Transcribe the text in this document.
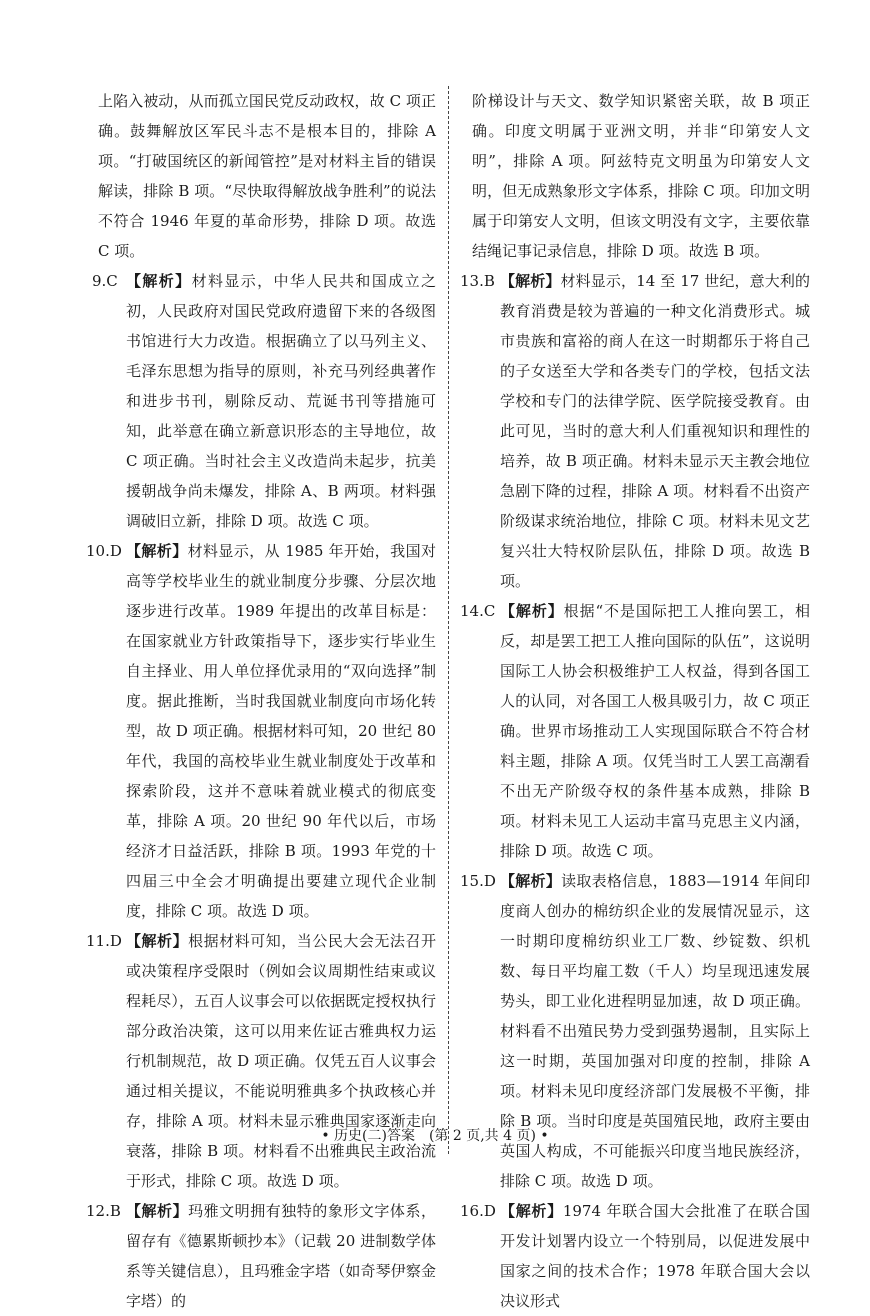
上陷入被动，从而孤立国民党反动政权，故 C 项正确。鼓舞解放区军民斗志不是根本目的，排除 A 项。“打破国统区的新闻管控”是对材料主旨的错误解读，排除 B 项。“尽快取得解放战争胜利”的说法不符合 1946 年夏的革命形势，排除 D 项。故选 C 项。

9.C 【解析】材料显示，中华人民共和国成立之初，人民政府对国民党政府遗留下来的各级图书馆进行大力改造。根据确立了以马列主义、毛泽东思想为指导的原则，补充马列经典著作和进步书刊，剔除反动、荒诞书刊等措施可知，此举意在确立新意识形态的主导地位，故 C 项正确。当时社会主义改造尚未起步，抗美援朝战争尚未爆发，排除 A、B 两项。材料强调破旧立新，排除 D 项。故选 C 项。
10.D 【解析】材料显示，从 1985 年开始，我国对高等学校毕业生的就业制度分步骤、分层次地逐步进行改革。1989 年提出的改革目标是：在国家就业方针政策指导下，逐步实行毕业生自主择业、用人单位择优录用的“双向选择”制度。据此推断，当时我国就业制度向市场化转型，故 D 项正确。根据材料可知，20 世纪 80 年代，我国的高校毕业生就业制度处于改革和探索阶段，这并不意味着就业模式的彻底变革，排除 A 项。20 世纪 90 年代以后，市场经济才日益活跃，排除 B 项。1993 年党的十四届三中全会才明确提出要建立现代企业制度，排除 C 项。故选 D 项。
11.D 【解析】根据材料可知，当公民大会无法召开或决策程序受限时（例如会议周期性结束或议程耗尽），五百人议事会可以依据既定授权执行部分政治决策，这可以用来佐证古雅典权力运行机制规范，故 D 项正确。仅凭五百人议事会通过相关提议，不能说明雅典多个执政核心并存，排除 A 项。材料未显示雅典国家逐渐走向衰落，排除 B 项。材料看不出雅典民主政治流于形式，排除 C 项。故选 D 项。
12.B 【解析】玛雅文明拥有独特的象形文字体系，留存有《德累斯顿抄本》（记载 20 进制数学体系等关键信息），且玛雅金字塔（如奇琴伊察金字塔）的

阶梯设计与天文、数学知识紧密关联，故 B 项正确。印度文明属于亚洲文明，并非“印第安人文明”，排除 A 项。阿兹特克文明虽为印第安人文明，但无成熟象形文字体系，排除 C 项。印加文明属于印第安人文明，但该文明没有文字，主要依靠结绳记事记录信息，排除 D 项。故选 B 项。

13.B 【解析】材料显示，14 至 17 世纪，意大利的教育消费是较为普遍的一种文化消费形式。城市贵族和富裕的商人在这一时期都乐于将自己的子女送至大学和各类专门的学校，包括文法学校和专门的法律学院、医学院接受教育。由此可见，当时的意大利人们重视知识和理性的培养，故 B 项正确。材料未显示天主教会地位急剧下降的过程，排除 A 项。材料看不出资产阶级谋求统治地位，排除 C 项。材料未见文艺复兴壮大特权阶层队伍，排除 D 项。故选 B 项。
14.C 【解析】根据“不是国际把工人推向罢工，相反，却是罢工把工人推向国际的队伍”，这说明国际工人协会积极维护工人权益，得到各国工人的认同，对各国工人极具吸引力，故 C 项正确。世界市场推动工人实现国际联合不符合材料主题，排除 A 项。仅凭当时工人罢工高潮看不出无产阶级夺权的条件基本成熟，排除 B 项。材料未见工人运动丰富马克思主义内涵，排除 D 项。故选 C 项。
15.D 【解析】读取表格信息，1883—1914 年间印度商人创办的棉纺织企业的发展情况显示，这一时期印度棉纺织业工厂数、纱锭数、织机数、每日平均雇工数（千人）均呈现迅速发展势头，即工业化进程明显加速，故 D 项正确。材料看不出殖民势力受到强势遏制，且实际上这一时期，英国加强对印度的控制，排除 A 项。材料未见印度经济部门发展极不平衡，排除 B 项。当时印度是英国殖民地，政府主要由英国人构成，不可能振兴印度当地民族经济，排除 C 项。故选 D 项。
16.D 【解析】1974 年联合国大会批准了在联合国开发计划署内设立一个特别局，以促进发展中国家之间的技术合作；1978 年联合国大会以决议形式
• 历史(二)答案　(第 2 页,共 4 页) •
